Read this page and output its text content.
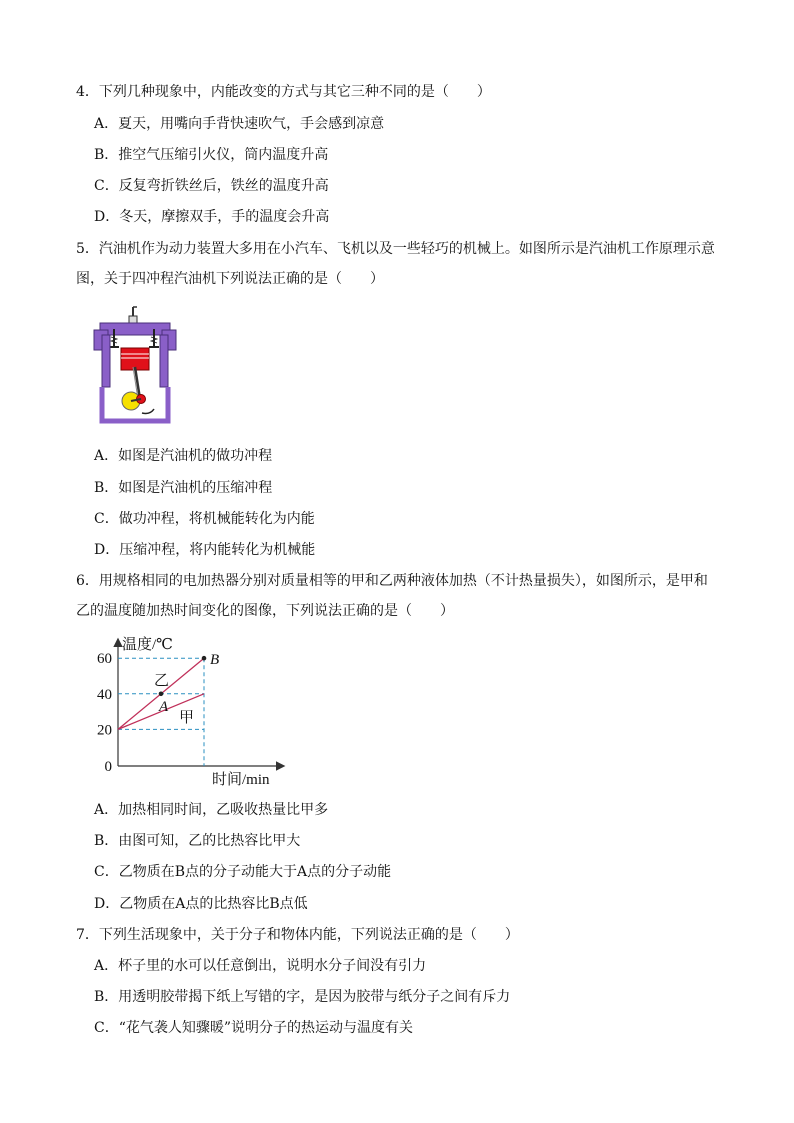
4．下列几种现象中，内能改变的方式与其它三种不同的是（　　）
A．夏天，用嘴向手背快速吹气，手会感到凉意
B．推空气压缩引火仪，筒内温度升高
C．反复弯折铁丝后，铁丝的温度升高
D．冬天，摩擦双手，手的温度会升高
5．汽油机作为动力装置大多用在小汽车、飞机以及一些轻巧的机械上。如图所示是汽油机工作原理示意
图，关于四冲程汽油机下列说法正确的是（　　）
A．如图是汽油机的做功冲程
B．如图是汽油机的压缩冲程
C．做功冲程，将机械能转化为内能
D．压缩冲程，将内能转化为机械能
6．用规格相同的电加热器分别对质量相等的甲和乙两种液体加热（不计热量损失），如图所示，是甲和
乙的温度随加热时间变化的图像，下列说法正确的是（　　）
温度/℃
时间/min
0
20
40
60
乙
甲
A
B
A．加热相同时间，乙吸收热量比甲多
B．由图可知，乙的比热容比甲大
C．乙物质在B点的分子动能大于A点的分子动能
D．乙物质在A点的比热容比B点低
7．下列生活现象中，关于分子和物体内能，下列说法正确的是（　　）
A．杯子里的水可以任意倒出，说明水分子间没有引力
B．用透明胶带揭下纸上写错的字，是因为胶带与纸分子之间有斥力
C．“花气袭人知骤暖”说明分子的热运动与温度有关
